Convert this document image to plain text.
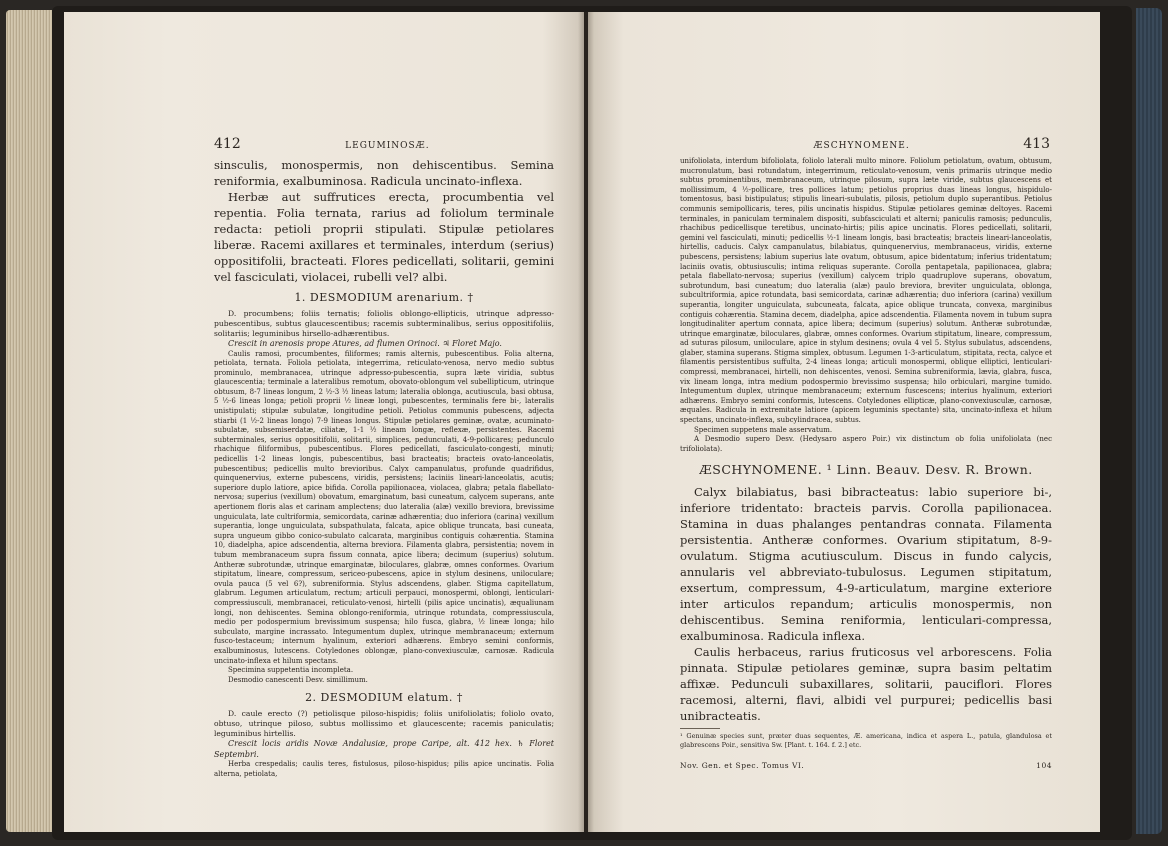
412	LEGUMINOSÆ.

sinsculis, monospermis, non dehiscentibus. Semina reniformia, exalbuminosa. Radicula uncinato-inflexa.

Herbæ aut suffrutices erecta, procumbentia vel repentia. Folia ternata, rarius ad foliolum terminale redacta: petioli proprii stipulati. Stipulæ petiolares liberæ. Racemi axillares et terminales, interdum (serius) oppositifolii, bracteati. Flores pedicellati, solitarii, gemini vel fasciculati, violacei, rubelli vel? albi.

1. DESMODIUM arenarium. †

D. procumbens; foliis ternatis; foliolis oblongo-ellipticis, utrinque adpresso-pubescentibus, subtus glaucescentibus; racemis subterminalibus, serius oppositifoliis, solitariis; leguminibus hirsello-adhærentibus.

Crescit in arenosis prope Atures, ad flumen Orinoci. ♃ Floret Majo.

Caulis ramosi, procumbentes, filiformes; ramis alternis, pubescentibus. Folia alterna, petiolata, ternata. Foliola petiolata, integerrima, reticulato-venosa, nervo medio subtus prominulo, membranacea, utrinque adpresso-pubescentia, supra læte viridia, subtus glaucescentia; terminale a lateralibus remotum, obovato-oblongum vel subellipticum, utrinque obtusum, 8-7 lineas longum, 2 ½-3 ½ lineas latum; lateralia oblonga, acutiuscula, basi obtusa, 5 ½-6 lineas longa; petioli proprii ½ lineæ longi, pubescentes, terminalis fere bi-, lateralis unistipulati; stipulæ subulatæ, longitudine petioli. Petiolus communis pubescens, adjecta stiarbi (1 ½-2 lineas longo) 7-9 lineas longus. Stipulæ petiolares geminæ, ovatæ, acuminato-subulatæ, subsemiserdatæ, ciliatæ, 1-1 ½ lineam longæ, reflexæ, persistentes. Racemi subterminales, serius oppositifolii, solitarii, simplices, pedunculati, 4-9-pollicares; pedunculo rhachique filiformibus, pubescentibus. Flores pedicellati, fasciculato-congesti, minuti; pedicellis 1-2 lineas longis, pubescentibus, basi bracteatis; bracteis ovato-lanceolatis, pubescentibus; pedicellis multo brevioribus. Calyx campanulatus, profunde quadrifidus, quinquenervius, externe pubescens, viridis, persistens; laciniis lineari-lanceolatis, acutis; superiore duplo latiore, apice bifida. Corolla papilionacea, violacea, glabra; petala flabellato-nervosa; superius (vexillum) obovatum, emarginatum, basi cuneatum, calycem superans, ante apertionem floris alas et carinam amplectens; duo lateralia (alæ) vexillo breviora, brevissime unguiculata, late cultriformia, semicordata, carinæ adhærentia; duo inferiora (carina) vexillum superantia, longe unguiculata, subspathulata, falcata, apice oblique truncata, basi cuneata, supra ungueum gibbo conico-subulato calcarata, marginibus contiguis cohærentia. Stamina 10, diadelpha, apice adscendentia, alterna breviora. Filamenta glabra, persistentia; novem in tubum membranaceum supra fissum connata, apice libera; decimum (superius) solutum. Antheræ subrotundæ, utrinque emarginatæ, biloculares, glabræ, omnes conformes. Ovarium stipitatum, lineare, compressum, sericeo-pubescens, apice in stylum desinens, uniloculare; ovula pauca (5 vel 6?), subreniformia. Stylus adscendens, glaber. Stigma capitellatum, glabrum. Legumen articulatum, rectum; articuli perpauci, monospermi, oblongi, lenticulari-compressiusculi, membranacei, reticulato-venosi, hirtelli (pilis apice uncinatis), æqualiunam longi, non dehiscentes. Semina oblongo-reniformia, utrinque rotundata, compressiuscula, medio per podospermium brevissimum suspensa; hilo fusca, glabra, ½ lineæ longa; hilo subculato, margine incrassato. Integumentum duplex, utrinque membranaceum; externum fusco-testaceum; internum hyalinum, exteriori adhærens. Embryo semini conformis, exalbuminosus, lutescens. Cotyledones oblongæ, plano-convexiusculæ, carnosæ. Radicula uncinato-inflexa et hilum spectans.

Specimina suppetentia incompleta.

Desmodio canescenti Desv. simillimum.

2. DESMODIUM elatum. †

D. caule erecto (?) petiolisque piloso-hispidis; foliis unifoliolatis; foliolo ovato, obtuso, utrinque piloso, subtus mollissimo et glaucescente; racemis paniculatis; leguminibus hirtellis.

Crescit locis aridis Novæ Andalusiæ, prope Caripe, alt. 412 hex. ♄ Floret Septembri.

Herba crespedalis; caulis teres, fistulosus, piloso-hispidus; pilis apice uncinatis. Folia alterna, petiolata,

ÆSCHYNOMENE.	413

unifoliolata, interdum bifoliolata, foliolo laterali multo minore. Foliolum petiolatum, ovatum, obtusum, mucronulatum, basi rotundatum, integerrimum, reticulato-venosum, venis primariis utrinque medio subtus prominentibus, membranaceum, utrinque pilosum, supra læte viride, subtus glaucescens et mollissimum, 4 ½-pollicare, tres pollices latum; petiolus proprius duas lineas longus, hispidulo-tomentosus, basi bistipulatus; stipulis lineari-subulatis, pilosis, petiolum duplo superantibus. Petiolus communis semipollicaris, teres, pilis uncinatis hispidus. Stipulæ petiolares geminæ deltoyes. Racemi terminales, in paniculam terminalem dispositi, subfasciculati et alterni; paniculis ramosis; pedunculis, rhachibus pedicellisque teretibus, uncinato-hirtis; pilis apice uncinatis. Flores pedicellati, solitarii, gemini vel fasciculati, minuti; pedicellis ½-1 lineam longis, basi bracteatis; bracteis lineari-lanceolatis, hirtellis, caducis. Calyx campanulatus, bilabiatus, quinquenervius, membranaceus, viridis, externe pubescens, persistens; labium superius late ovatum, obtusum, apice bidentatum; inferius tridentatum; laciniis ovatis, obtusiusculis; intima reliquas superante. Corolla pentapetala, papilionacea, glabra; petala flabellato-nervosa; superius (vexillum) calycem triplo quadruplove superans, obovatum, subrotundum, basi cuneatum; duo lateralia (alæ) paulo breviora, breviter unguiculata, oblonga, subcultriformia, apice rotundata, basi semicordata, carinæ adhærentia; duo inferiora (carina) vexillum superantia, longiter unguiculata, subcuneata, falcata, apice oblique truncata, convexa, marginibus contiguis cohærentia. Stamina decem, diadelpha, apice adscendentia. Filamenta novem in tubum supra longitudinaliter apertum connata, apice libera; decimum (superius) solutum. Antheræ subrotundæ, utrinque emarginatæ, biloculares, glabræ, omnes conformes. Ovarium stipitatum, lineare, compressum, ad suturas pilosum, uniloculare, apice in stylum desinens; ovula 4 vel 5. Stylus subulatus, adscendens, glaber, stamina superans. Stigma simplex, obtusum. Legumen 1-3-articulatum, stipitata, recta, calyce et filamentis persistentibus suffulta, 2-4 lineas longa; articuli monospermi, oblique elliptici, lenticulari-compressi, membranacei, hirtelli, non dehiscentes, venosi. Semina subreniformia, lævia, glabra, fusca, vix lineam longa, intra medium podospermio brevissimo suspensa; hilo orbiculari, margine tumido. Integumentum duplex, utrinque membranaceum; externum fuscescens; interius hyalinum, exteriori adhærens. Embryo semini conformis, lutescens. Cotyledones ellipticæ, plano-convexiusculæ, carnosæ, æquales. Radicula in extremitate latiore (apicem leguminis spectante) sita, uncinato-inflexa et hilum spectans, uncinato-inflexa, subcylindracea, subtus.

Specimen suppetens male asservatum.

A Desmodio supero Desv. (Hedysaro aspero Poir.) vix distinctum ob folia unifoliolata (nec trifoliolata).

ÆSCHYNOMENE. ¹ Linn. Beauv. Desv. R. Brown.

Calyx bilabiatus, basi bibracteatus: labio superiore bi-, inferiore tridentato: bracteis parvis. Corolla papilionacea. Stamina in duas phalanges pentandras connata. Filamenta persistentia. Antheræ conformes. Ovarium stipitatum, 8-9-ovulatum. Stigma acutiusculum. Discus in fundo calycis, annularis vel abbreviato-tubulosus. Legumen stipitatum, exsertum, compressum, 4-9-articulatum, margine exteriore inter articulos repandum; articulis monospermis, non dehiscentibus. Semina reniformia, lenticulari-compressa, exalbuminosa. Radicula inflexa.

Caulis herbaceus, rarius fruticosus vel arborescens. Folia pinnata. Stipulæ petiolares geminæ, supra basim peltatim affixæ. Pedunculi subaxillares, solitarii, pauciflori. Flores racemosi, alterni, flavi, albidi vel purpurei; pedicellis basi unibracteatis.

¹ Genuinæ species sunt, præter duas sequentes, Æ. americana, indica et aspera L., patula, glandulosa et glabrescens Poir., sensitiva Sw. [Plant. t. 164. f. 2.] etc.

Nov. Gen. et Spec. Tomus VI.	104
